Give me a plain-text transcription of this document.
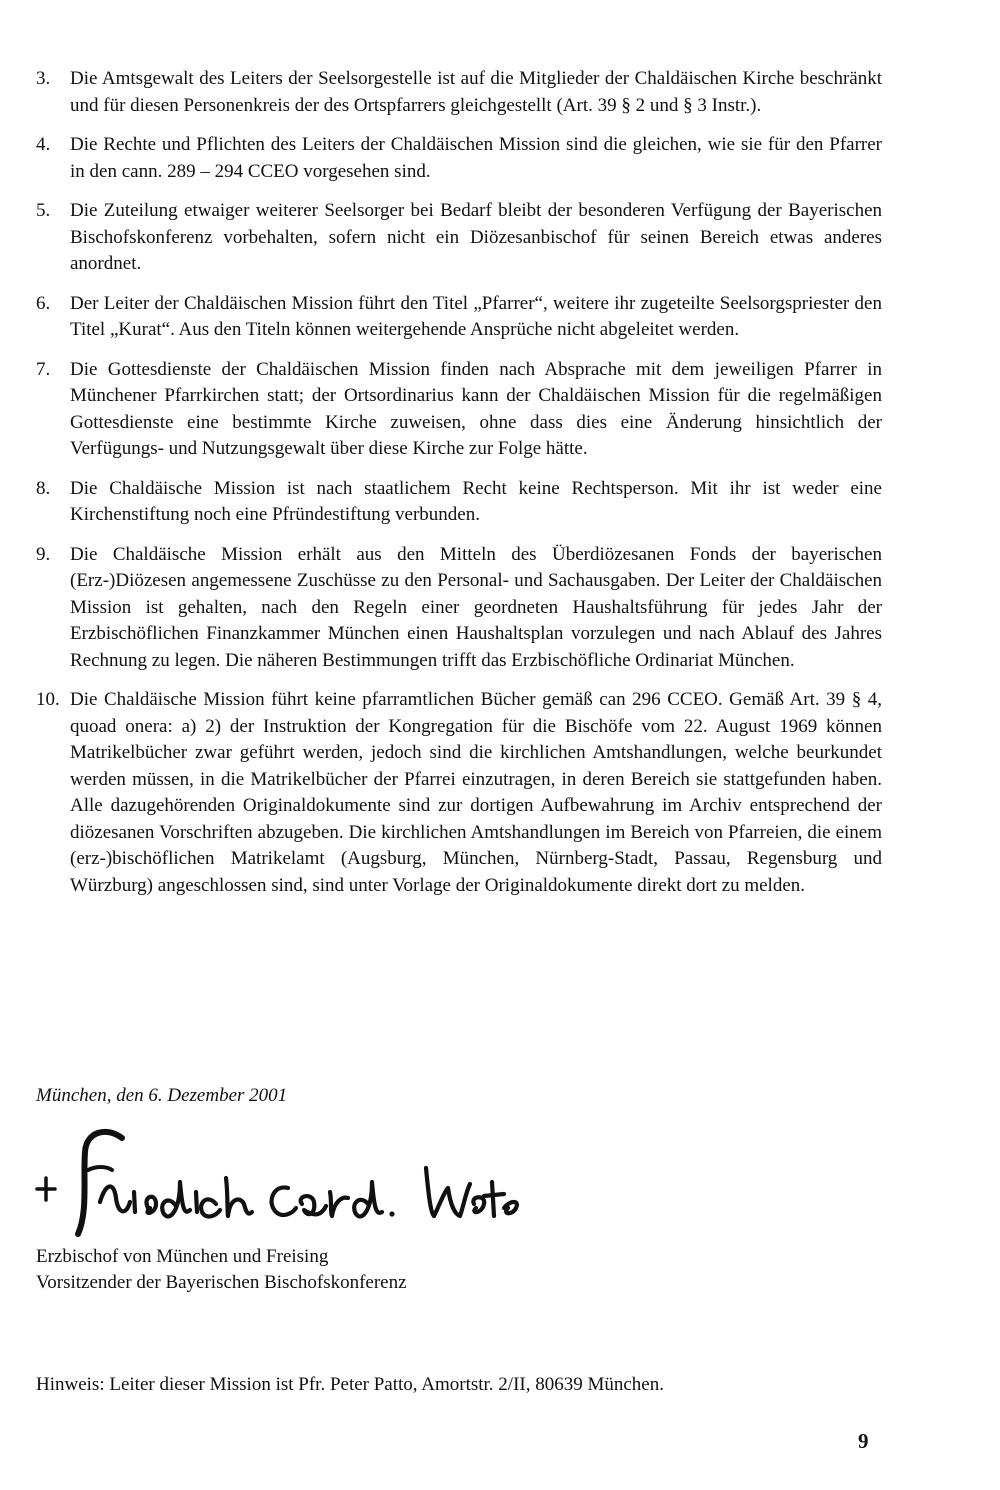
3.	Die Amtsgewalt des Leiters der Seelsorgestelle ist auf die Mitglieder der Chaldäischen Kirche beschränkt und für diesen Personenkreis der des Ortspfarrers gleichgestellt (Art. 39 § 2 und § 3 Instr.).
4.	Die Rechte und Pflichten des Leiters der Chaldäischen Mission sind die gleichen, wie sie für den Pfarrer in den cann. 289 – 294 CCEO vorgesehen sind.
5.	Die Zuteilung etwaiger weiterer Seelsorger bei Bedarf bleibt der besonderen Verfügung der Bayerischen Bischofskonferenz vorbehalten, sofern nicht ein Diözesanbischof für seinen Bereich etwas anderes anordnet.
6.	Der Leiter der Chaldäischen Mission führt den Titel „Pfarrer“, weitere ihr zugeteilte Seelsorgspriester den Titel „Kurat“. Aus den Titeln können weitergehende Ansprüche nicht abgeleitet werden.
7.	Die Gottesdienste der Chaldäischen Mission finden nach Absprache mit dem jeweiligen Pfarrer in Münchener Pfarrkirchen statt; der Ortsordinarius kann der Chaldäischen Mission für die regelmäßigen Gottesdienste eine bestimmte Kirche zuweisen, ohne dass dies eine Änderung hinsichtlich der Verfügungs- und Nutzungsgewalt über diese Kirche zur Folge hätte.
8.	Die Chaldäische Mission ist nach staatlichem Recht keine Rechtsperson. Mit ihr ist weder eine Kirchenstiftung noch eine Pfründestiftung verbunden.
9.	Die Chaldäische Mission erhält aus den Mitteln des Überdiözesanen Fonds der bayerischen (Erz-)Diözesen angemessene Zuschüsse zu den Personal- und Sachausgaben. Der Leiter der Chaldäischen Mission ist gehalten, nach den Regeln einer geordneten Haushaltsführung für jedes Jahr der Erzbischöflichen Finanzkammer München einen Haushaltsplan vorzulegen und nach Ablauf des Jahres Rechnung zu legen. Die näheren Bestimmungen trifft das Erzbischöfliche Ordinariat München.
10. Die Chaldäische Mission führt keine pfarramtlichen Bücher gemäß can 296 CCEO. Gemäß Art. 39 § 4, quoad onera: a) 2) der Instruktion der Kongregation für die Bischöfe vom 22. August 1969 können Matrikelbücher zwar geführt werden, jedoch sind die kirchlichen Amtshandlungen, welche beurkundet werden müssen, in die Matrikelbücher der Pfarrei einzutragen, in deren Bereich sie stattgefunden haben. Alle dazugehörenden Originaldokumente sind zur dortigen Aufbewahrung im Archiv entsprechend der diözesanen Vorschriften abzugeben. Die kirchlichen Amtshandlungen im Bereich von Pfarreien, die einem (erz-)bischöflichen Matrikelamt (Augsburg, München, Nürnberg-Stadt, Passau, Regensburg und Würzburg) angeschlossen sind, sind unter Vorlage der Originaldokumente direkt dort zu melden.
München, den 6. Dezember 2001
Erzbischof von München und Freising
Vorsitzender der Bayerischen Bischofskonferenz
Hinweis: Leiter dieser Mission ist Pfr. Peter Patto, Amortstr. 2/II, 80639 München.
9
